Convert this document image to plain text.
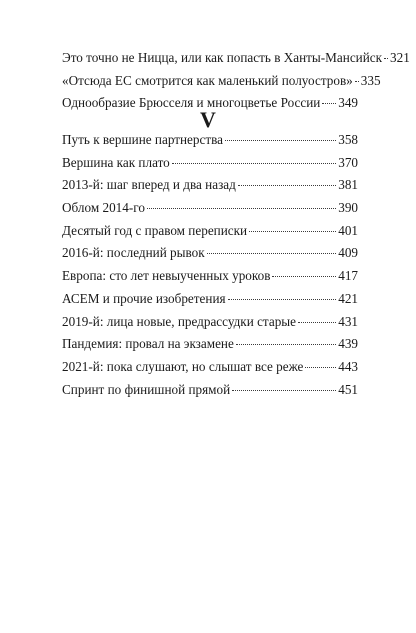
Это точно не Ницца, или как попасть в Ханты-Мансийск 321
«Отсюда ЕС смотрится как маленький полуостров» 335
Однообразие Брюсселя и многоцветье России 349
V
Путь к вершине партнерства	358
Вершина как плато	370
2013-й: шаг вперед и два назад	381
Облом 2014-го	390
Десятый год с правом переписки	401
2016-й: последний рывок	409
Европа: сто лет невыученных уроков	417
АСЕМ и прочие изобретения	421
2019-й: лица новые, предрассудки старые	431
Пандемия: провал на экзамене	439
2021-й: пока слушают, но слышат все реже	443
Спринт по финишной прямой	451
